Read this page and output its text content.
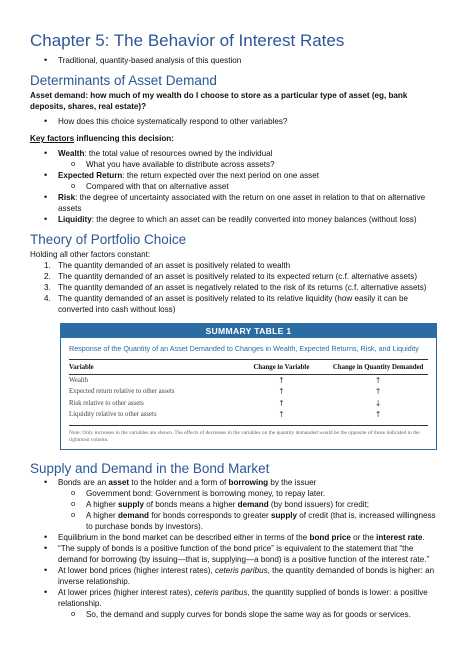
Chapter 5: The Behavior of Interest Rates
• Traditional, quantity-based analysis of this question
Determinants of Asset Demand
Asset demand: how much of my wealth do I choose to store as a particular type of asset (eg, bank deposits, shares, real estate)?
• How does this choice systematically respond to other variables?
Key factors influencing this decision:
• Wealth: the total value of resources owned by the individual
o What you have available to distribute across assets?
• Expected Return: the return expected over the next period on one asset
o Compared with that on alternative asset
• Risk: the degree of uncertainty associated with the return on one asset in relation to that on alternative assets
• Liquidity: the degree to which an asset can be readily converted into money balances (without loss)
Theory of Portfolio Choice
Holding all other factors constant:
1. The quantity demanded of an asset is positively related to wealth
2. The quantity demanded of an asset is positively related to its expected return (c.f. alternative assets)
3. The quantity demanded of an asset is negatively related to the risk of its returns (c.f. alternative assets)
4. The quantity demanded of an asset is positively related to its relative liquidity (how easily it can be converted into cash without loss)
SUMMARY TABLE 1
Response of the Quantity of an Asset Demanded to Changes in Wealth, Expected Returns, Risk, and Liquidity
Variable	Change in Variable	Change in Quantity Demanded
Wealth	↑	↑
Expected return relative to other assets	↑	↑
Risk relative to other assets	↑	↓
Liquidity relative to other assets	↑	↑
Note: Only increases in the variables are shown. The effects of decreases in the variables on the quantity demanded would be the opposite of those indicated in the rightmost column.
Supply and Demand in the Bond Market
• Bonds are an asset to the holder and a form of borrowing by the issuer
o Government bond: Government is borrowing money, to repay later.
o A higher supply of bonds means a higher demand (by bond issuers) for credit;
o A higher demand for bonds corresponds to greater supply of credit (that is, increased willingness to purchase bonds by investors).
• Equilibrium in the bond market can be described either in terms of the bond price or the interest rate.
• “The supply of bonds is a positive function of the bond price” is equivalent to the statement that “the demand for borrowing (by issuing—that is, supplying—a bond) is a positive function of the interest rate.”
• At lower bond prices (higher interest rates), ceteris paribus, the quantity demanded of bonds is higher: an inverse relationship.
• At lower prices (higher interest rates), ceteris paribus, the quantity supplied of bonds is lower: a positive relationship.
o So, the demand and supply curves for bonds slope the same way as for goods or services.
